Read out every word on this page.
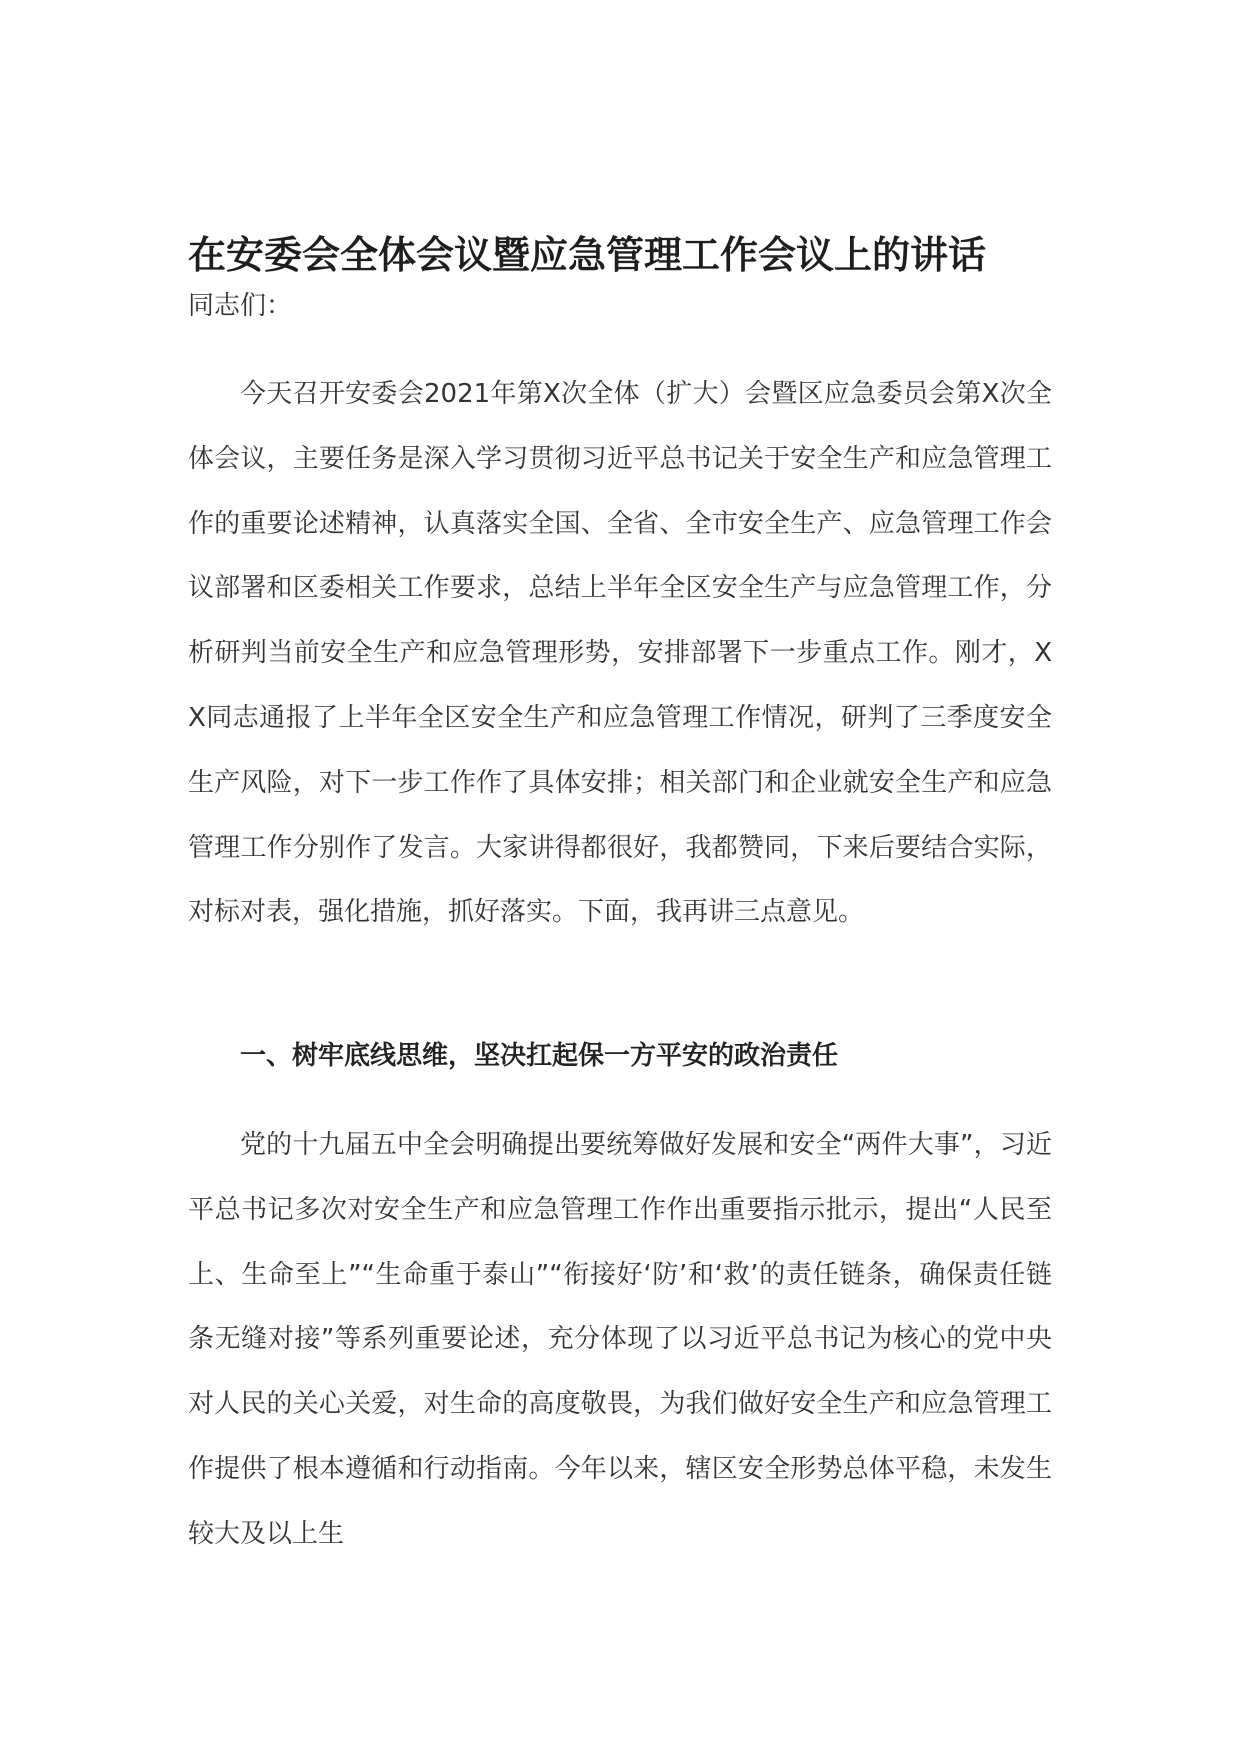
在安委会全体会议暨应急管理工作会议上的讲话
同志们：

今天召开安委会2021年第X次全体（扩大）会暨区应急委员会第X次全体会议，主要任务是深入学习贯彻习近平总书记关于安全生产和应急管理工作的重要论述精神，认真落实全国、全省、全市安全生产、应急管理工作会议部署和区委相关工作要求，总结上半年全区安全生产与应急管理工作，分析研判当前安全生产和应急管理形势，安排部署下一步重点工作。刚才，XX同志通报了上半年全区安全生产和应急管理工作情况，研判了三季度安全生产风险，对下一步工作作了具体安排；相关部门和企业就安全生产和应急管理工作分别作了发言。大家讲得都很好，我都赞同，下来后要结合实际，对标对表，强化措施，抓好落实。下面，我再讲三点意见。

一、树牢底线思维，坚决扛起保一方平安的政治责任

党的十九届五中全会明确提出要统筹做好发展和安全“两件大事”，习近平总书记多次对安全生产和应急管理工作作出重要指示批示，提出“人民至上、生命至上”“生命重于泰山”“衔接好‘防’和‘救’的责任链条，确保责任链条无缝对接”等系列重要论述，充分体现了以习近平总书记为核心的党中央对人民的关心关爱，对生命的高度敬畏，为我们做好安全生产和应急管理工作提供了根本遵循和行动指南。今年以来，辖区安全形势总体平稳，未发生较大及以上生
